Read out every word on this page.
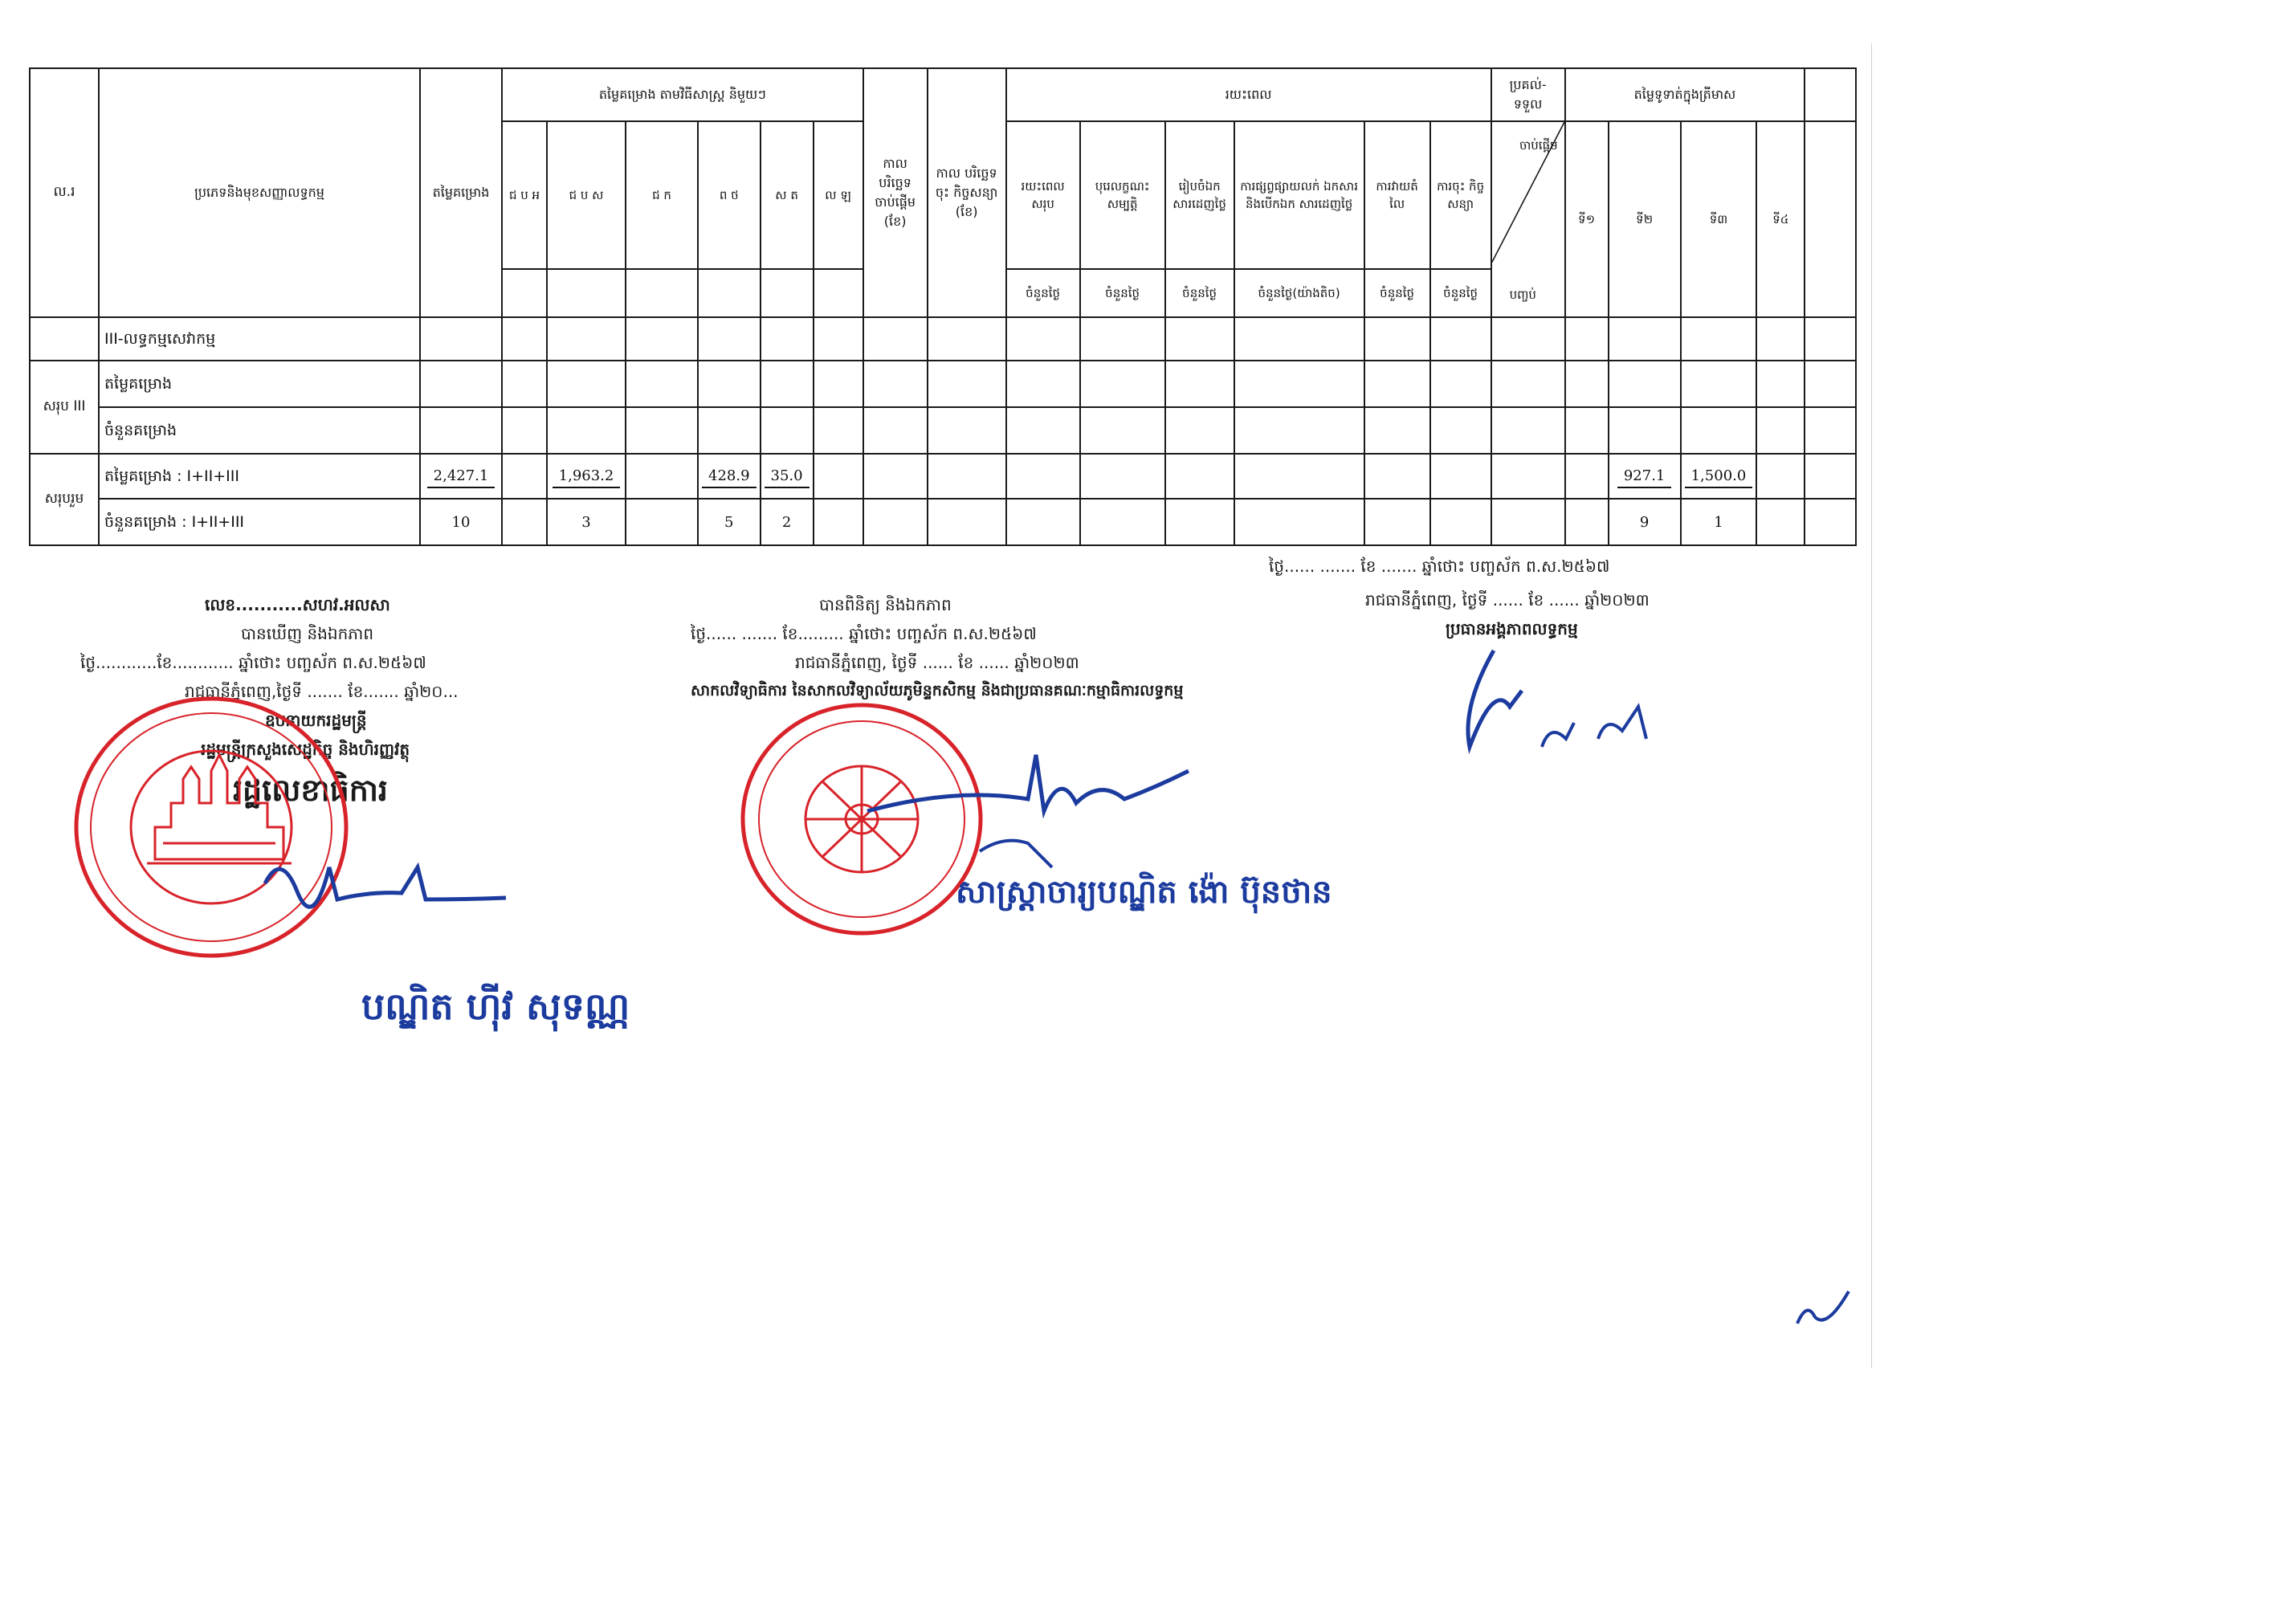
ល.រ	ប្រភេទនិងមុខសញ្ញាលទ្ធកម្ម	តម្លៃគម្រោង	តម្លៃគម្រោង តាមវិធីសាស្ត្រ និមួយៗ						កាល បរិច្ឆេទ ចាប់ផ្តើម (ខែ)	កាល បរិច្ឆេទចុះ កិច្ចសន្យា (ខែ)	រយះពេល						ប្រគល់- ទទួល	តម្លៃទូទាត់ក្នុងត្រីមាស				
			ជ ប អ	ជ ប ស	ជ ក	ព ថ	ស ត	ល ឡ			រយះពេល សរុប	បុរេលក្ខណះ សម្បត្តិ	រៀបចំឯក សារដេញថ្លៃ	ការផ្សព្វផ្សាយលក់ ឯកសារ និងបើកឯក សារដេញថ្លៃ	ការវាយតំ លៃ	ការចុះ កិច្ចសន្យា	ចាប់ផ្តើម
បញ្ចប់	ទី១	ទី២	ទី៣	ទី៤	
											ចំនួនថ្ងៃ	ចំនួនថ្ងៃ	ចំនួនថ្ងៃ	ចំនួនថ្ងៃ(យ៉ាងតិច)	ចំនួនថ្ងៃ	ចំនួនថ្ងៃ						
	III-លទ្ធកម្មសេវាកម្ម																					
សរុប III	តម្លៃគម្រោង																					
	ចំនួនគម្រោង																					
សរុបរួម	តម្លៃគម្រោង : I+II+III	2,427.1		1,963.2		428.9	35.0												927.1	1,500.0		
	ចំនួនគម្រោង : I+II+III	10		3		5	2												9	1		
លេខ...........សហវ.អលសា
បានឃើញ និងឯកភាព
ថ្ងៃ............ខែ............ ឆ្នាំថោះ បញ្ចស័ក ព.ស.២៥៦៧
រាជធានីភ្នំពេញ,ថ្ងៃទី ....... ខែ....... ឆ្នាំ២០...
ឧបនាយករដ្ឋមន្ត្រី
រដ្ឋមន្ត្រីក្រសួងសេដ្ឋកិច្ច និងហិរញ្ញវត្ថុ
រដ្ឋលេខាធិការ
បណ្ឌិត ហ៊ីវ សុទណ្ណ
បានពិនិត្យ និងឯកភាព
ថ្ងៃ...... ....... ខែ......... ឆ្នាំថោះ បញ្ចស័ក ព.ស.២៥៦៧
រាជធានីភ្នំពេញ, ថ្ងៃទី ...... ខែ ...... ឆ្នាំ២០២៣
សាកលវិទ្យាធិការ នៃសាកលវិទ្យាល័យភូមិន្ទកសិកម្ម និងជាប្រធានគណៈកម្មាធិការលទ្ធកម្ម
សាស្ត្រាចារ្យបណ្ឌិត ង៉ោ ប៊ុនថាន
ថ្ងៃ...... ....... ខែ ....... ឆ្នាំថោះ បញ្ចស័ក ព.ស.២៥៦៧
រាជធានីភ្នំពេញ, ថ្ងៃទី ...... ខែ ...... ឆ្នាំ២០២៣
ប្រធានអង្គភាពលទ្ធកម្ម
